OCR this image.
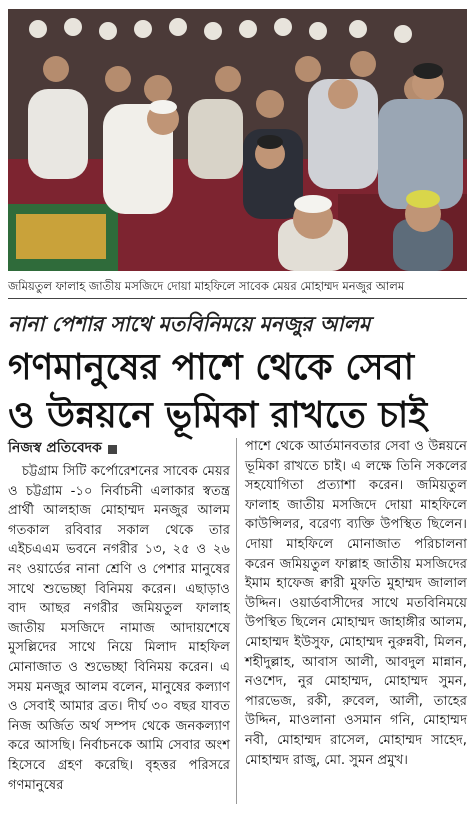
জমিয়তুল ফালাহ জাতীয় মসজিদে দোয়া মাহফিলে সাবেক মেয়র মোহাম্মদ মনজুর আলম
নানা পেশার সাথে মতবিনিময়ে মনজুর আলম
গণমানুষের পাশে থেকে সেবা
ও উন্নয়নে ভূমিকা রাখতে চাই
নিজস্ব প্রতিবেদক

চট্টগ্রাম সিটি কর্পোরেশনের সাবেক মেয়র ও চট্টগ্রাম -১০ নির্বাচনী এলাকার স্বতন্ত্র প্রার্থী আলহাজ মোহাম্মদ মনজুর আলম গতকাল রবিবার সকাল থেকে তার এইচএএম ভবনে নগরীর ১৩, ২৫ ও ২৬ নং ওয়ার্ডের নানা শ্রেণি ও পেশার মানুষের সাথে শুভেচ্ছা বিনিময় করেন। এছাড়াও বাদ আছর নগরীর জমিয়তুল ফালাহ জাতীয় মসজিদে নামাজ আদায়শেষে মুসল্লিদের সাথে নিয়ে মিলাদ মাহফিল মোনাজাত ও শুভেচ্ছা বিনিময় করেন। এ সময় মনজুর আলম বলেন, মানুষের কল্যাণ ও সেবাই আমার ব্রত। দীর্ঘ ৩০ বছর যাবত নিজ অর্জিত অর্থ সম্পদ থেকে জনকল্যাণ করে আসছি। নির্বাচনকে আমি সেবার অংশ হিসেবে গ্রহণ করেছি। বৃহত্তর পরিসরে গণমানুষের

পাশে থেকে আর্তমানবতার সেবা ও উন্নয়নে ভূমিকা রাখতে চাই। এ লক্ষে তিনি সকলের সহযোগিতা প্রত্যাশা করেন। জমিয়তুল ফালাহ জাতীয় মসজিদে দোয়া মাহফিলে কাউন্সিলর, বরেণ্য ব্যক্তি উপস্থিত ছিলেন। দোয়া মাহফিলে মোনাজাত পরিচালনা করেন জমিয়তুল ফাল্লাহ জাতীয় মসজিদের ইমাম হাফেজ ক্বারী মুফতি মুহাম্মদ জালাল উদ্দিন। ওয়ার্ডবাসীদের সাথে মতবিনিময়ে উপস্থিত ছিলেন মোহাম্মদ জাহাঙ্গীর আলম, মোহাম্মদ ইউসুফ, মোহাম্মদ নুরুন্নবী, মিলন, শহীদুল্লাহ, আবাস আলী, আবদুল মান্নান, নওশেদ, নুর মোহাম্মদ, মোহাম্মদ সুমন, পারভেজ, রকী, রুবেল, আলী, তাহের উদ্দিন, মাওলানা ওসমান গনি, মোহাম্মদ নবী, মোহাম্মদ রাসেল, মোহাম্মদ সাহেদ, মোহাম্মদ রাজু, মো. সুমন প্রমুখ।
